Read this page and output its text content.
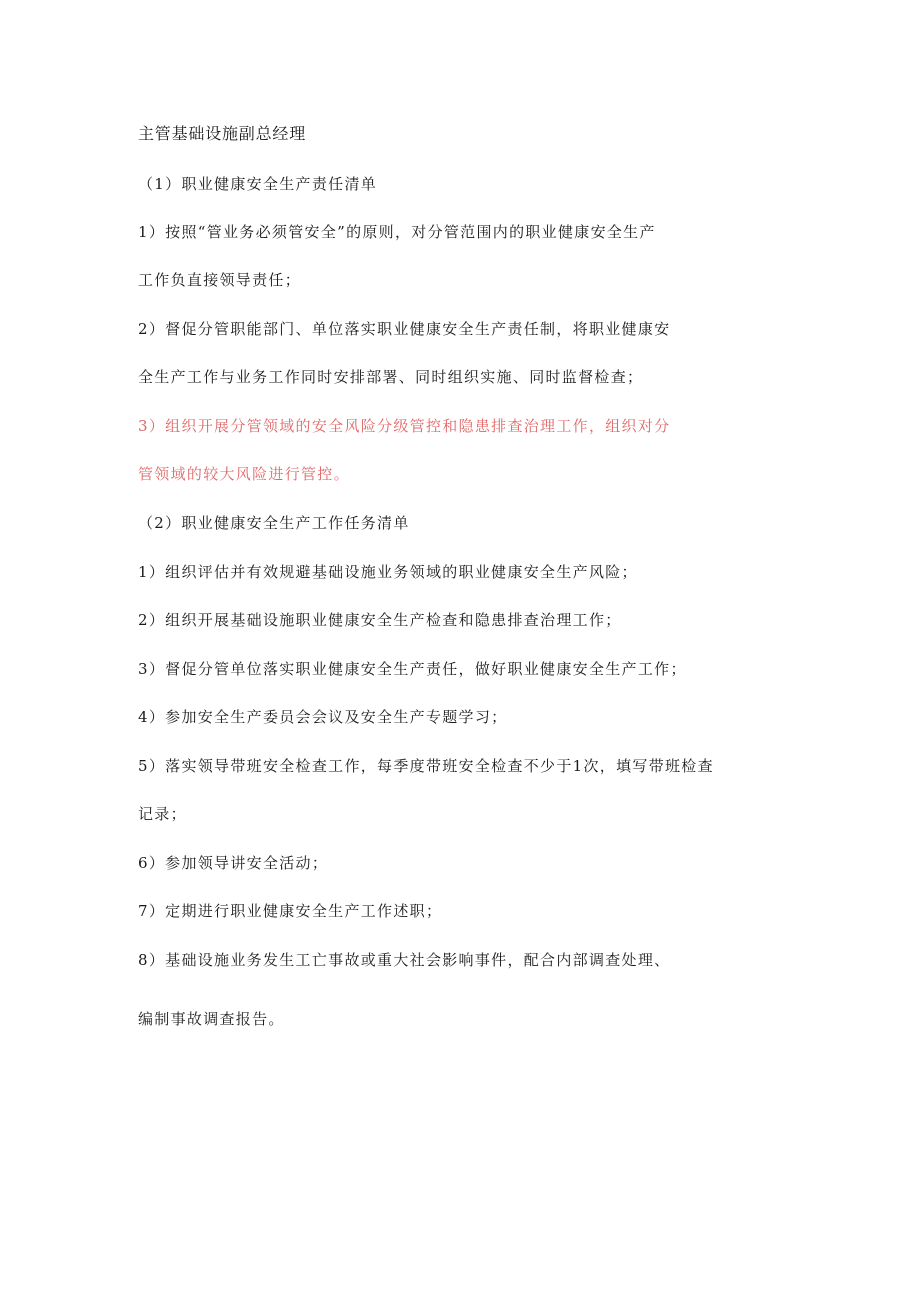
主管基础设施副总经理
（1）职业健康安全生产责任清单
1）按照“管业务必须管安全”的原则，对分管范围内的职业健康安全生产
工作负直接领导责任；
2）督促分管职能部门、单位落实职业健康安全生产责任制，将职业健康安
全生产工作与业务工作同时安排部署、同时组织实施、同时监督检查；
3）组织开展分管领域的安全风险分级管控和隐患排查治理工作，组织对分
管领域的较大风险进行管控。
（2）职业健康安全生产工作任务清单
1）组织评估并有效规避基础设施业务领域的职业健康安全生产风险；
2）组织开展基础设施职业健康安全生产检查和隐患排查治理工作；
3）督促分管单位落实职业健康安全生产责任，做好职业健康安全生产工作；
4）参加安全生产委员会会议及安全生产专题学习；
5）落实领导带班安全检查工作，每季度带班安全检查不少于1次，填写带班检查
记录；
6）参加领导讲安全活动；
7）定期进行职业健康安全生产工作述职；
8）基础设施业务发生工亡事故或重大社会影响事件，配合内部调查处理、
编制事故调查报告。
